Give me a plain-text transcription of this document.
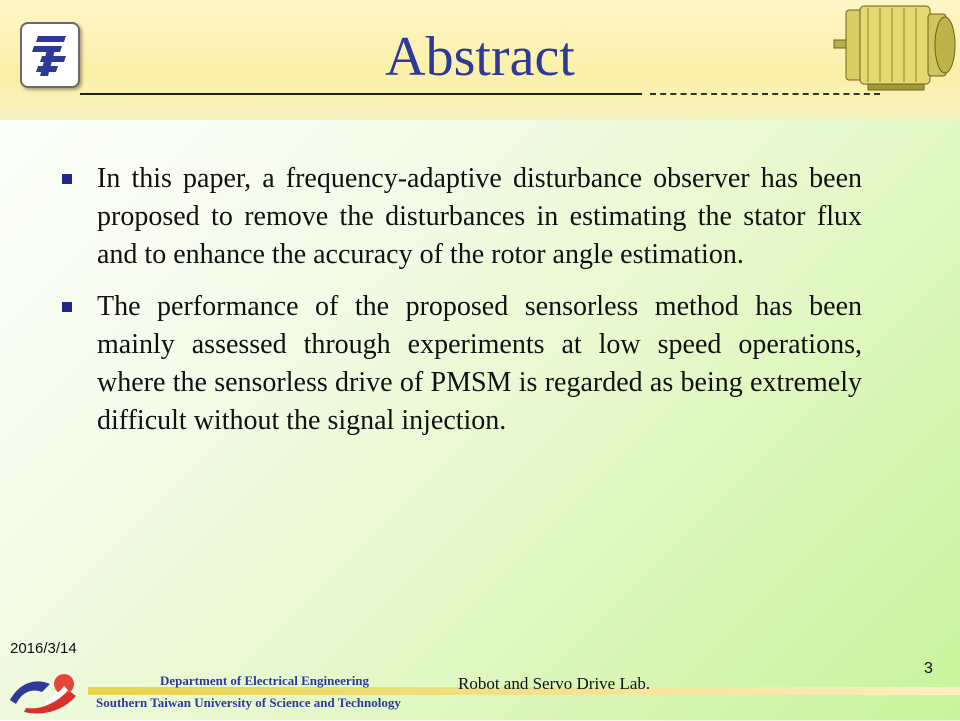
Abstract
In this paper, a frequency-adaptive disturbance observer has been proposed to remove the disturbances in estimating the stator flux and to enhance the accuracy of the rotor angle estimation.
The performance of the proposed sensorless method has been mainly assessed through experiments at low speed operations, where the sensorless drive of PMSM is regarded as being extremely difficult without the signal injection.
2016/3/14
3
Department of Electrical Engineering
Southern Taiwan University of Science and Technology
Robot and Servo Drive Lab.
